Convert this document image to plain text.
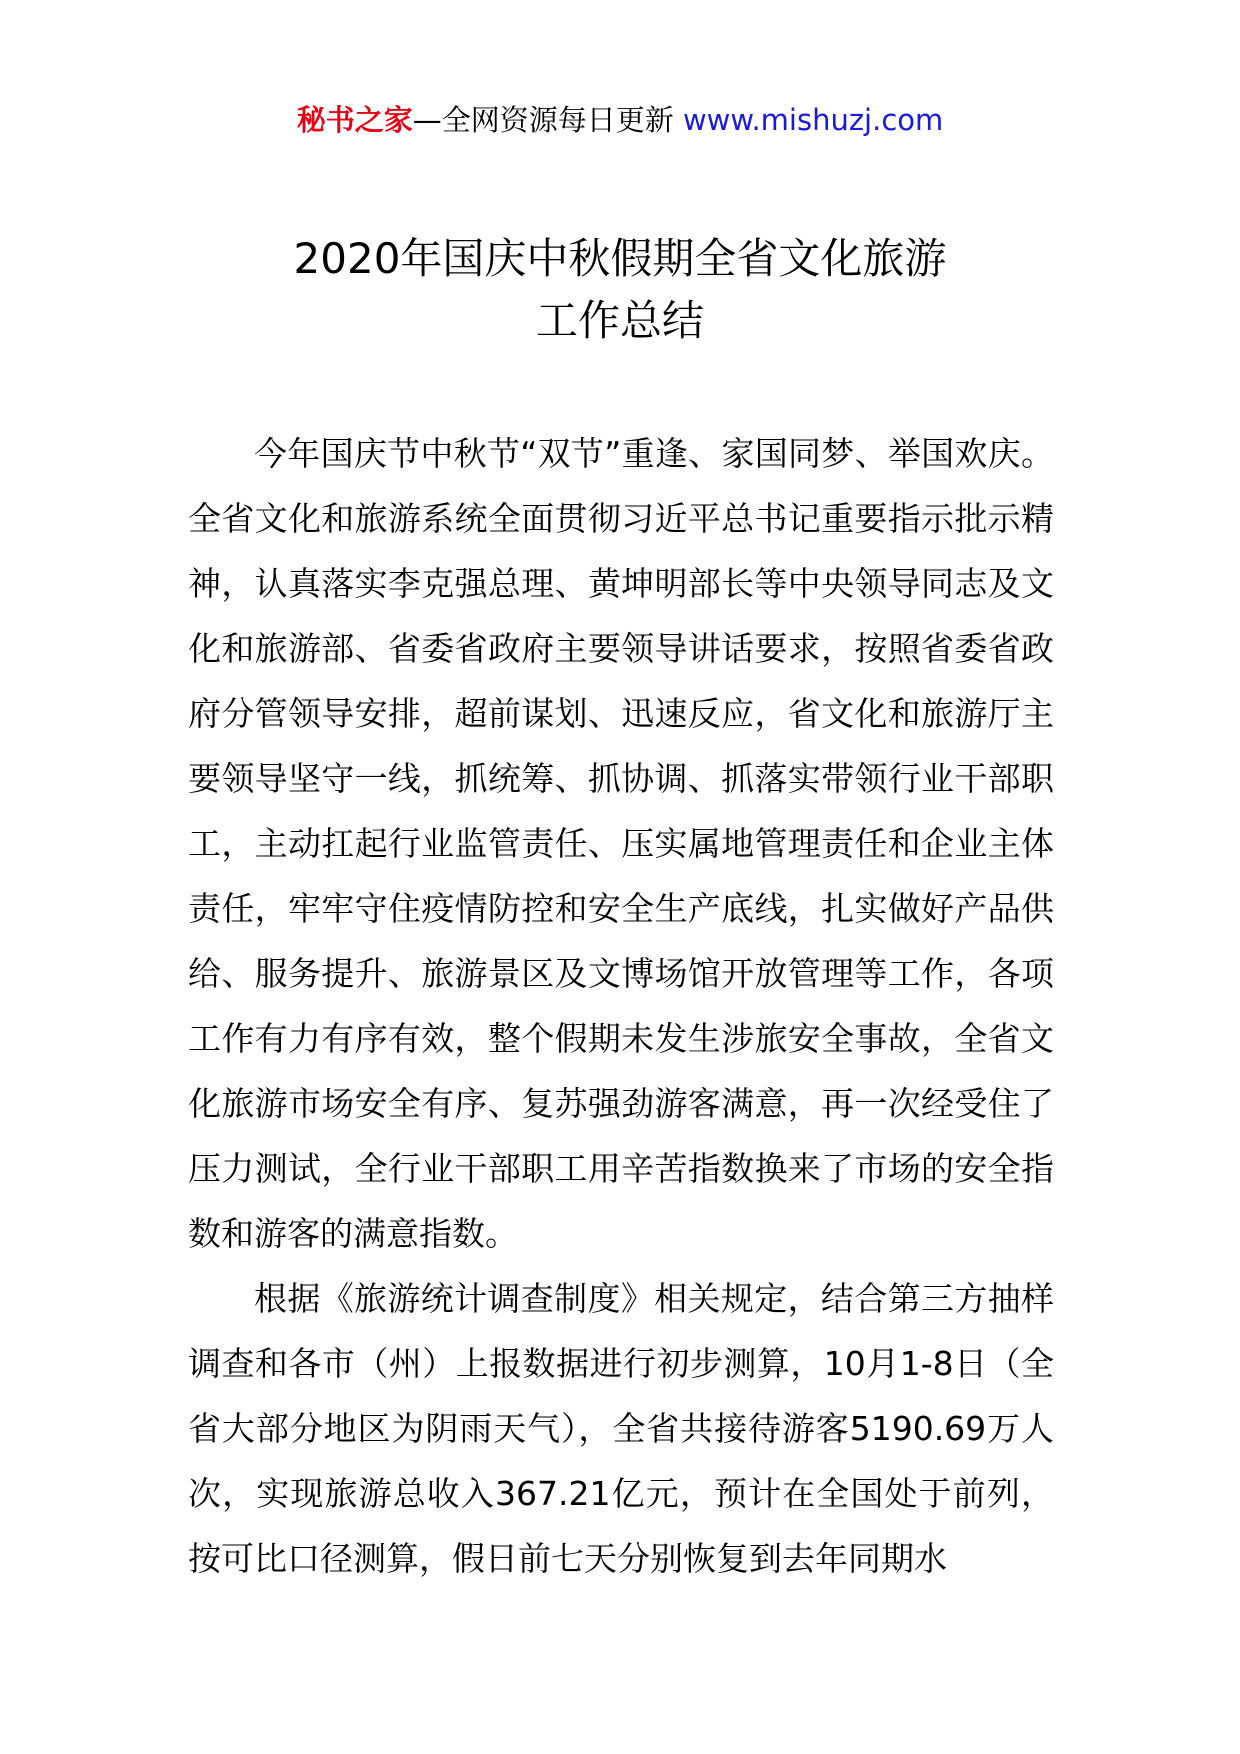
秘书之家—全网资源每日更新 www.mishuzj.com
2020年国庆中秋假期全省文化旅游
工作总结

今年国庆节中秋节“双节”重逢、家国同梦、举国欢庆。全省文化和旅游系统全面贯彻习近平总书记重要指示批示精神，认真落实李克强总理、黄坤明部长等中央领导同志及文化和旅游部、省委省政府主要领导讲话要求，按照省委省政府分管领导安排，超前谋划、迅速反应，省文化和旅游厅主要领导坚守一线，抓统筹、抓协调、抓落实带领行业干部职工，主动扛起行业监管责任、压实属地管理责任和企业主体责任，牢牢守住疫情防控和安全生产底线，扎实做好产品供给、服务提升、旅游景区及文博场馆开放管理等工作，各项工作有力有序有效，整个假期未发生涉旅安全事故，全省文化旅游市场安全有序、复苏强劲游客满意，再一次经受住了压力测试，全行业干部职工用辛苦指数换来了市场的安全指数和游客的满意指数。

根据《旅游统计调查制度》相关规定，结合第三方抽样调查和各市（州）上报数据进行初步测算，10月1-8日（全省大部分地区为阴雨天气），全省共接待游客5190.69万人次，实现旅游总收入367.21亿元，预计在全国处于前列，按可比口径测算，假日前七天分别恢复到去年同期水
